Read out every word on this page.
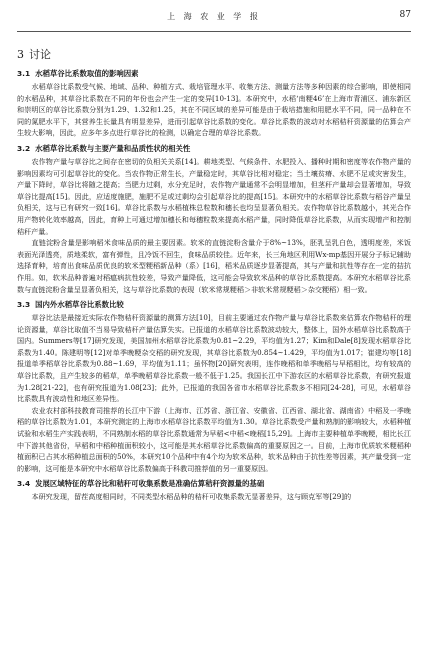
上 海 农 业 学 报	87
3 讨论
3.1 水稻草谷比系数取值的影响因素

水稻草谷比系数受气候、地域、品种、种植方式、栽培管理水平、收集方法、测量方法等多种因素的综合影响，即使相同的水稻品种，其草谷比系数在不同的年份也会产生一定的变异[10-13]。本研究中，水稻‘南粳46’在上海市青浦区、浦东新区和崇明区的草谷比系数分别为1.29、1.32和1.25，其在不同区域的差异可能是由于栽培措施和用肥水平不同，同一品种在不同的氮肥水平下，其营养生长量具有明显差异，进而引起草谷比系数的变化。草谷比系数的波动对水稻秸秆资源量的估算会产生较大影响，因此，应多年多点进行草谷比的检测，以确定合理的草谷比系数。

3.2 水稻草谷比系数与主要产量和品质性状的相关性

农作物产量与草谷比之间存在密切的负相关关系[14]。耕地类型、气候条件、水肥投入、播种时期和密度等农作物产量的影响因素均可引起草谷比的变化。当农作物正常生长，产量稳定时，其草谷比相对稳定；当土壤贫瘠、水肥不足或灾害发生，产量下降时，草谷比将随之提高；当肥力过剩，水分充足时，农作物产量通常不会明显增加，但茎秆产量却会显著增加，导致草谷比提高[15]。因此，应适度施肥，施肥不足或过剩均会引起草谷比的提高[15]。本研究中的水稻草谷比系数与稻谷产量呈负相关，这与已有研究一致[16]。草谷比系数与水稻植株总粒数和穗长也均呈显著负相关。农作物草谷比系数越小，其光合作用产物转化效率越高，因此，育种上可通过增加穗长和每穗粒数来提高水稻产量，同时降低草谷比系数，从而实现增产和控制秸秆产量。

直链淀粉含量是影响稻米食味品质的最主要因素。软米的直链淀粉含量介于8%~13%，胚乳呈乳白色，透明度差，米饭表面光泽透亮，质地柔软，富有弹性，且冷饭不回生，食味品质较佳。近年来，长三角地区利用Wx-mp基因开展分子标记辅助选择育种，培育出食味品质优良的软米型粳稻新品种（系）[16]，稻米品质逐步显著提高，其与产量和抗性等存在一定的拮抗作用。如，软米品种普遍对稻瘟病抗性较差，导致产量降低，这可能会导致软米品种的草谷比系数提高。本研究水稻草谷比系数与直链淀粉含量呈显著负相关，这与草谷比系数的表现（软米常规粳稻＞非软米常规粳稻＞杂交粳稻）相一致。

3.3 国内外水稻草谷比系数比较

草谷比法是最接近实际农作物秸秆资源量的测算方法[10]，目前主要通过农作物产量与草谷比系数来估算农作物秸秆的理论资源量，草谷比取值不当易导致秸秆产量估算失实。已报道的水稻草谷比系数波动较大，整体上，国外水稻草谷比系数高于国内。Summers等[17]研究发现，美国加州水稻草谷比系数为0.81~2.29，平均值为1.27；Kim和Dale[8]发现水稻草谷比系数为1.40。陈建明等[12]对单季晚粳杂交稻的研究发现，其草谷比系数为0.854~1.429，平均值为1.017；崔建均等[18]报道单季稻草谷比系数为0.88~1.69，平均值为1.11；虽怀物[20]研究表明，连作晚稻和单季晚稻与早稻相比，均有较高的草谷比系数，且产生较多的稻草，单季晚稻草谷比系数一般不低于1.25。我国长江中下游农区的水稻草谷比系数，有研究报道为1.28[21-22]，也有研究报道为1.08[23]；此外，已报道的我国各省市水稻草谷比系数多不相同[24-28]，可见，水稻草谷比系数具有波动性和地区差异性。

农业农村部科技教育司推荐的长江中下游（上海市、江苏省、浙江省、安徽省、江西省、湖北省、湖南省）中稻及一季晚稻的草谷比系数为1.01，本研究测定的上海市水稻草谷比系数平均值为1.30。草谷比系数受产量和熟制的影响较大，水稻种植试验和水稻生产实践表明，不同熟制水稻的草谷比系数通常为早稻<中稻<晚稻[15,29]。上海市主要种植单季晚粳，相比长江中下游其他省份，早稻和中稻种植面积较小，这可能是其水稻草谷比系数偏高的重要原因之一。目前，上海市优质软米粳稻种植面积已占其水稻种植总面积的50%，本研究10个品种中有4个均为软米品种，软米品种由于抗性差等因素，其产量受到一定的影响，这可能是本研究中水稻草谷比系数偏高于科教司推荐值的另一重要原因。

3.4 发展区域特征的草谷比和秸秆可收集系数是准确估算秸秆资源量的基础

本研究发现，留茬高度相同时，不同类型水稻品种的秸秆可收集系数无显著差异，这与顾克军等[29]的
